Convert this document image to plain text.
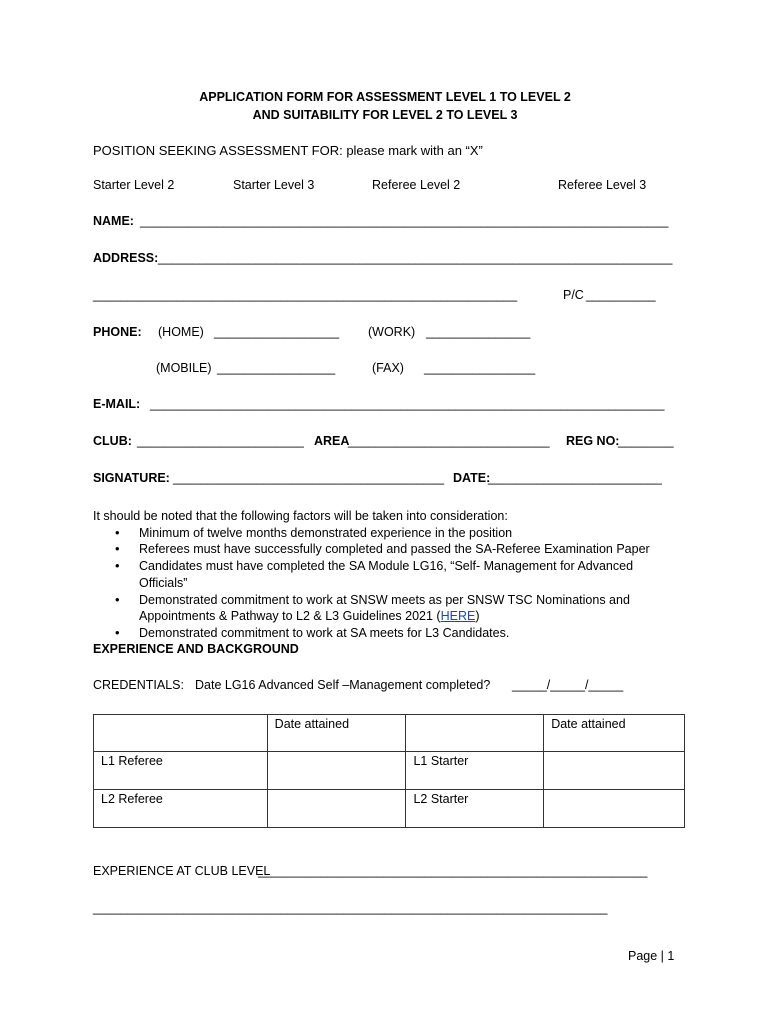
APPLICATION FORM FOR ASSESSMENT LEVEL 1 TO LEVEL 2
AND SUITABILITY FOR LEVEL 2 TO LEVEL 3
POSITION SEEKING ASSESSMENT FOR: please mark with an “X”
Starter Level 2	Starter Level 3	Referee Level 2	Referee Level 3
NAME: ____________________________________________________________________________
ADDRESS: __________________________________________________________________________
_____________________________________________________________	P/C __________
PHONE: (HOME) __________________ (WORK) _______________
(MOBILE) _________________	(FAX) ________________
E-MAIL: __________________________________________________________________________
CLUB: ________________________ AREA
_____________________________ REG NO:
________
SIGNATURE: _______________________________________ DATE:
_________________________
It should be noted that the following factors will be taken into consideration:
• Minimum of twelve months demonstrated experience in the position
• Referees must have successfully completed and passed the SA-Referee Examination Paper
• Candidates must have completed the SA Module LG16, “Self- Management for Advanced
Officials”
• Demonstrated commitment to work at SNSW meets as per SNSW TSC Nominations and
Appointments & Pathway to L2 & L3 Guidelines 2021 (HERE)
• Demonstrated commitment to work at SA meets for L3 Candidates.
EXPERIENCE AND BACKGROUND
CREDENTIALS: Date LG16 Advanced Self –Management completed? _____/_____/_____
	Date attained		Date attained
L1 Referee		L1 Starter	
L2 Referee		L2 Starter	
EXPERIENCE AT CLUB LEVEL
________________________________________________________
__________________________________________________________________________
Page | 1
